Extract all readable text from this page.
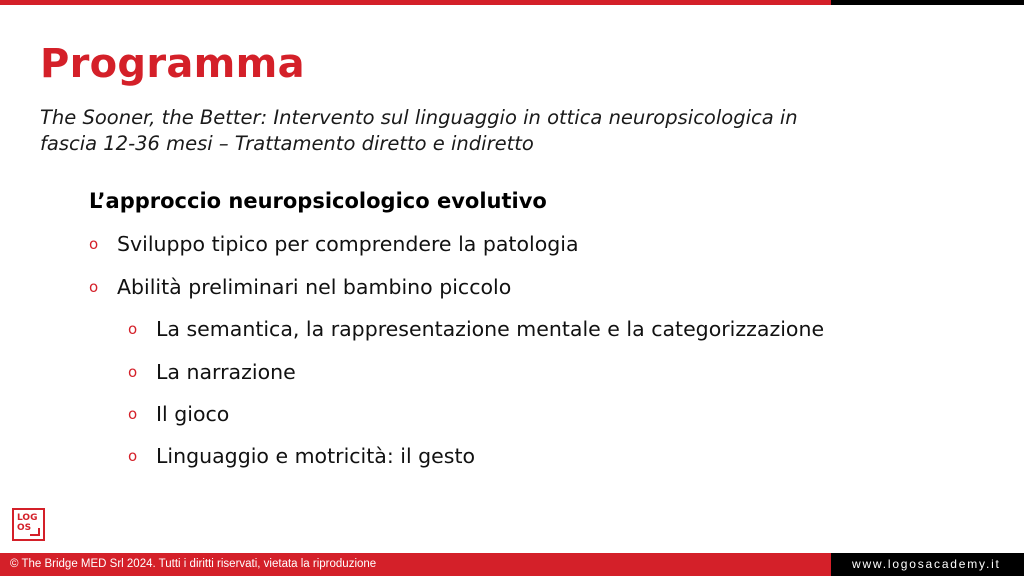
Programma
The Sooner, the Better: Intervento sul linguaggio in ottica neuropsicologica in
fascia 12-36 mesi – Trattamento diretto e indiretto
L’approccio neuropsicologico evolutivo
o Sviluppo tipico per comprendere la patologia
o Abilità preliminari nel bambino piccolo
o La semantica, la rappresentazione mentale e la categorizzazione
o La narrazione
o Il gioco
o Linguaggio e motricità: il gesto
LOG
OS
© The Bridge MED Srl 2024. Tutti i diritti riservati, vietata la riproduzione	www.logosacademy.it
